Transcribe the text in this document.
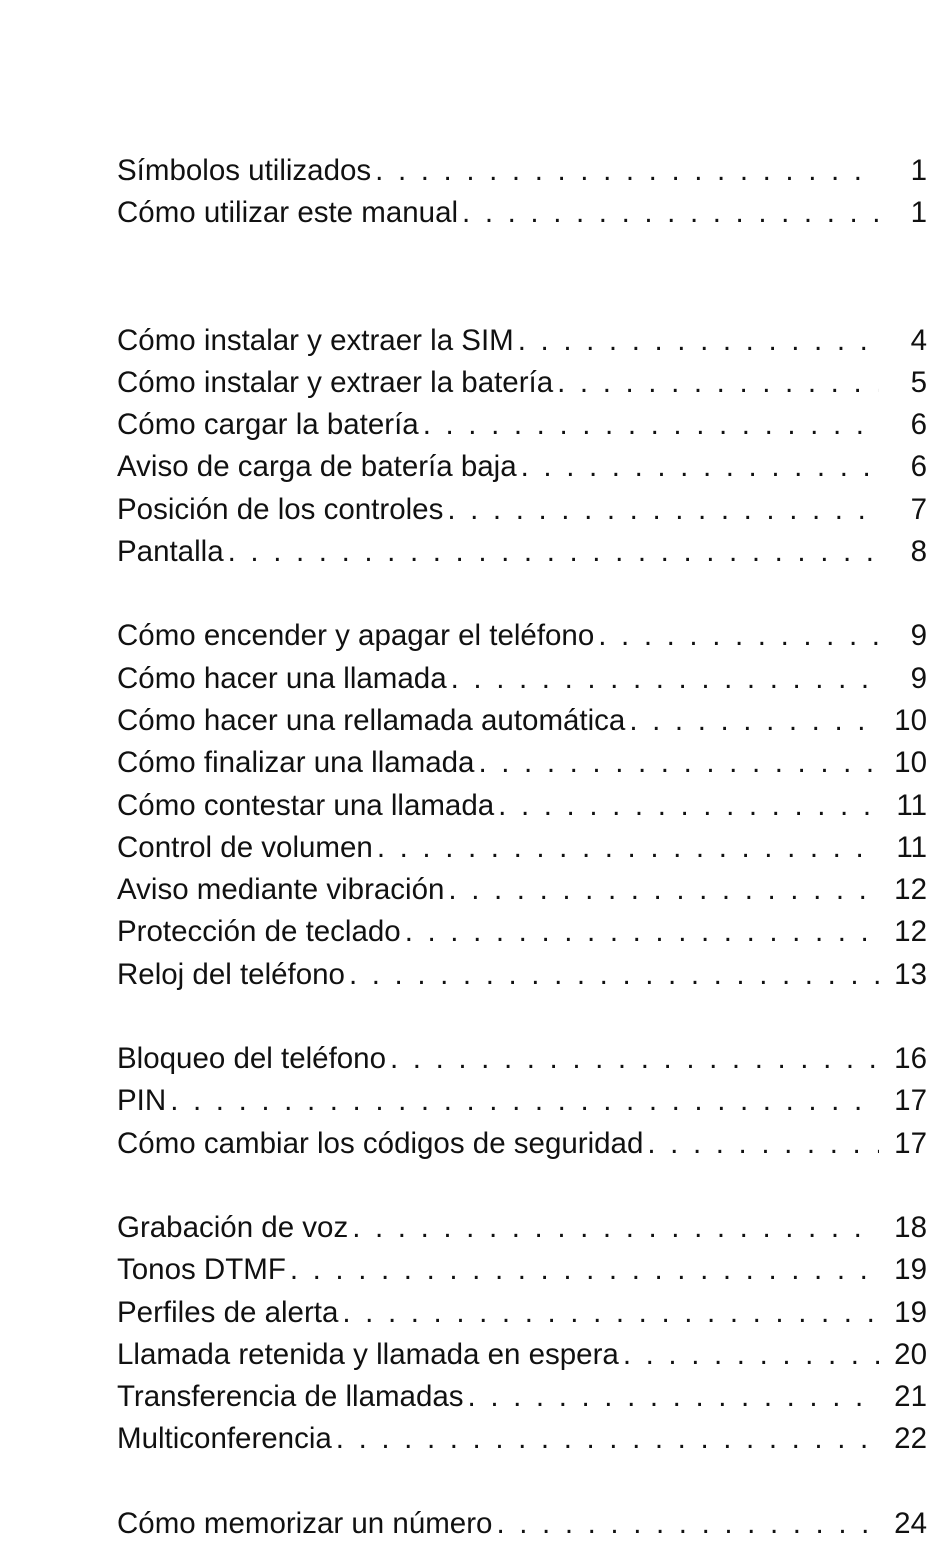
Símbolos utilizados . . .	1
Cómo utilizar este manual . . .	1
Cómo instalar y extraer la SIM . . .	4
Cómo instalar y extraer la batería . . .	5
Cómo cargar la batería . . .	6
Aviso de carga de batería baja . . .	6
Posición de los controles . . .	7
Pantalla . . .	8
Cómo encender y apagar el teléfono . . .	9
Cómo hacer una llamada . . .	9
Cómo hacer una rellamada automática . . .	10
Cómo finalizar una llamada . . .	10
Cómo contestar una llamada . . .	11
Control de volumen . . .	11
Aviso mediante vibración . . .	12
Protección de teclado . . .	12
Reloj del teléfono . . .	13
Bloqueo del teléfono . . .	16
PIN . . .	17
Cómo cambiar los códigos de seguridad . . .	17
Grabación de voz . . .	18
Tonos DTMF . . .	19
Perfiles de alerta . . .	19
Llamada retenida y llamada en espera . . .	20
Transferencia de llamadas . . .	21
Multiconferencia . . .	22
Cómo memorizar un número . . .	24
